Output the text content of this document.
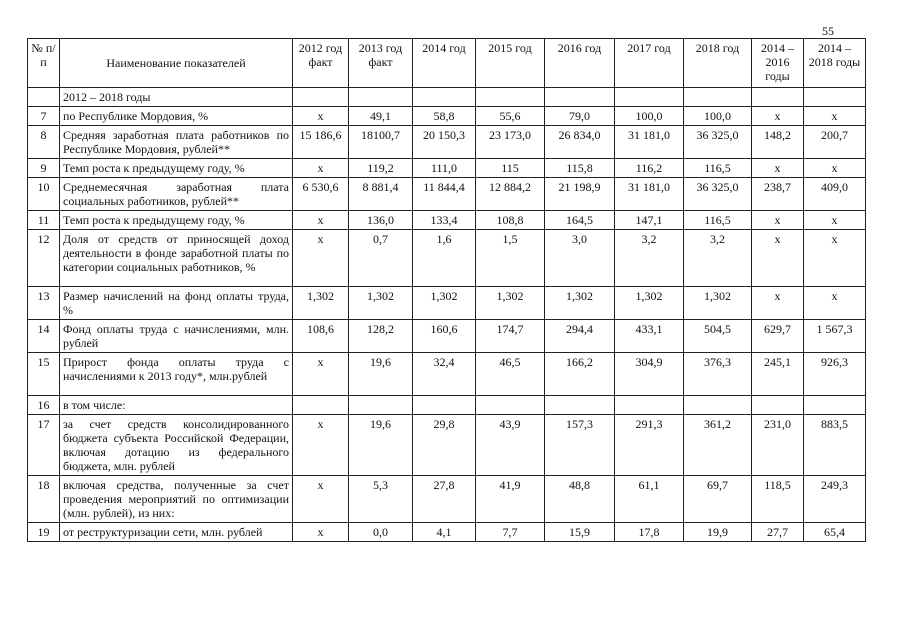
55
№ п/п	Наименование показателей	2012 год факт	2013 год факт	2014 год	2015 год	2016 год	2017 год	2018 год	2014 – 2016 годы	2014 – 2018 годы
	2012 – 2018 годы									
7	по Республике Мордовия, %	х	49,1	58,8	55,6	79,0	100,0	100,0	х	х
8	Средняя заработная плата работников по Республике Мордовия, рублей**	15 186,6	18100,7	20 150,3	23 173,0	26 834,0	31 181,0	36 325,0	148,2	200,7
9	Темп роста к предыдущему году, %	х	119,2	111,0	115	115,8	116,2	116,5	х	х
10	Среднемесячная заработная плата социальных работников, рублей**	6 530,6	8 881,4	11 844,4	12 884,2	21 198,9	31 181,0	36 325,0	238,7	409,0
11	Темп роста к предыдущему году, %	х	136,0	133,4	108,8	164,5	147,1	116,5	х	х
12	Доля от средств от приносящей доход деятельности в фонде заработной платы по категории социальных работников, %	х	0,7	1,6	1,5	3,0	3,2	3,2	х	х
13	Размер начислений на фонд оплаты труда, %	1,302	1,302	1,302	1,302	1,302	1,302	1,302	х	х
14	Фонд оплаты труда с начислениями, млн. рублей	108,6	128,2	160,6	174,7	294,4	433,1	504,5	629,7	1 567,3
15	Прирост фонда оплаты труда с начислениями к 2013 году*, млн.рублей	х	19,6	32,4	46,5	166,2	304,9	376,3	245,1	926,3
16	в том числе:									
17	за счет средств консолидированного бюджета субъекта Российской Федерации, включая дотацию из федерального бюджета, млн. рублей	х	19,6	29,8	43,9	157,3	291,3	361,2	231,0	883,5
18	включая средства, полученные за счет проведения мероприятий по оптимизации (млн. рублей), из них:	х	5,3	27,8	41,9	48,8	61,1	69,7	118,5	249,3
19	от реструктуризации сети, млн. рублей	х	0,0	4,1	7,7	15,9	17,8	19,9	27,7	65,4
